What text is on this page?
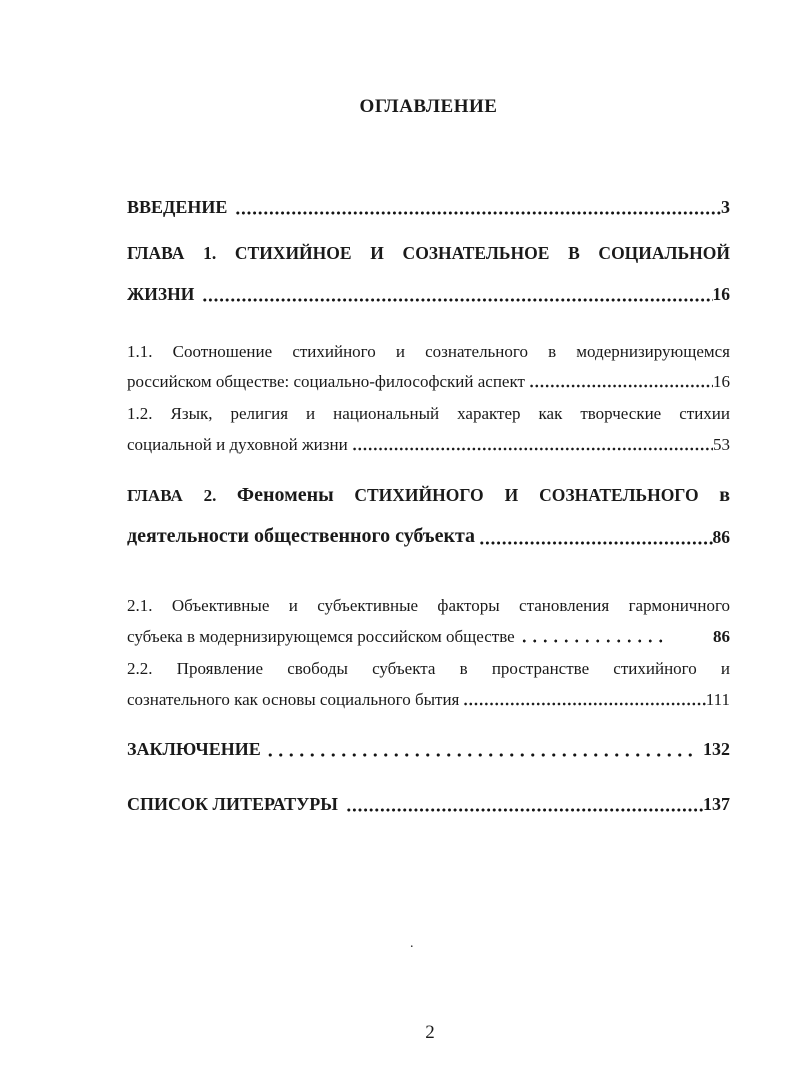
ОГЛАВЛЕНИЕ
ВВЕДЕНИЕ	3
ГЛАВА 1. СТИХИЙНОЕ И СОЗНАТЕЛЬНОЕ В СОЦИАЛЬНОЙ
ЖИЗНИ	16
1.1. Соотношение стихийного и сознательного в модернизирующемся
российском обществе: социально-философский аспект	16
1.2. Язык, религия и национальный характер как творческие стихии
социальной и духовной жизни	53
ГЛАВА 2. Феномены СТИХИЙНОГО И СОЗНАТЕЛЬНОГО в
деятельности общественного субъекта	86
2.1. Объективные и субъективные факторы становления гармоничного
субъека в модернизирующемся российском обществе	86
2.2. Проявление свободы субъекта в пространстве стихийного и
сознательного как основы социального бытия	111
ЗАКЛЮЧЕНИЕ	132
СПИСОК ЛИТЕРАТУРЫ	137
.
2
